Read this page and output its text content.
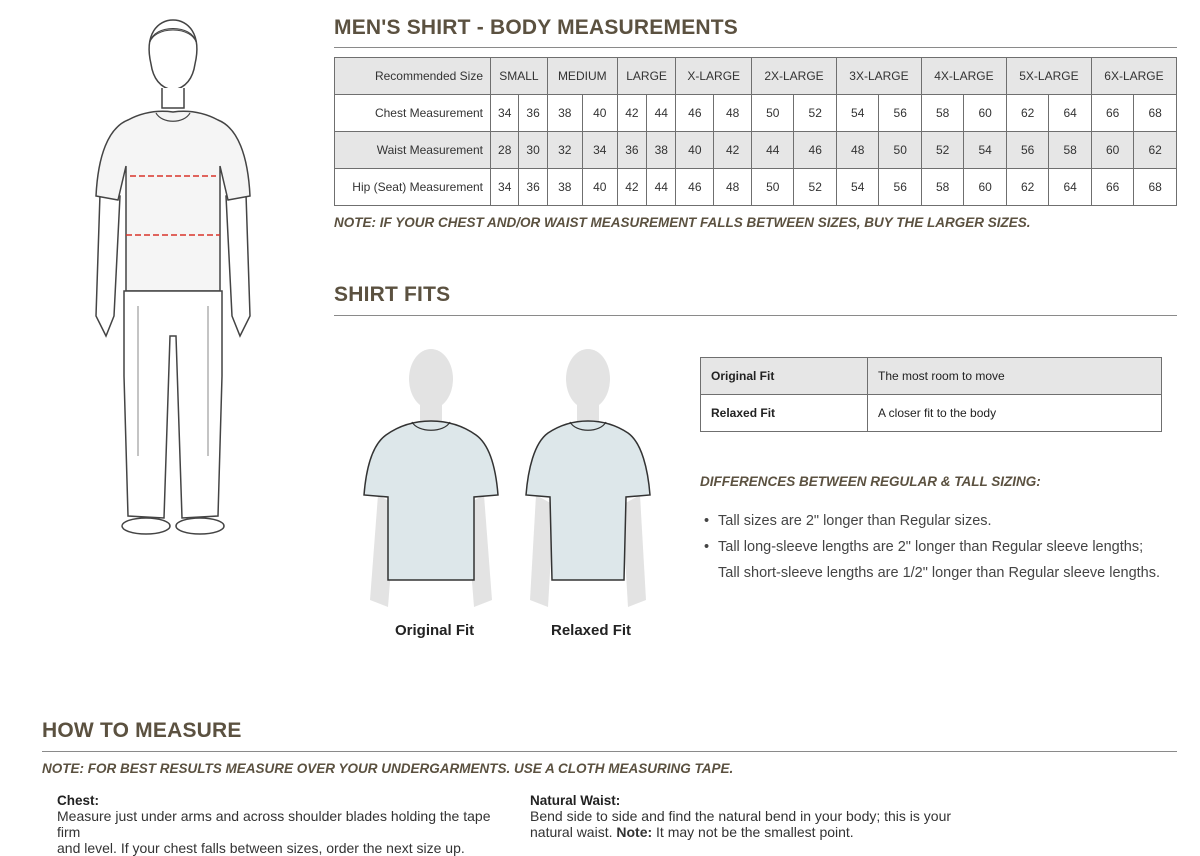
MEN'S SHIRT - BODY MEASUREMENTS
Recommended Size	SMALL		MEDIUM		LARGE		X-LARGE		2X-LARGE		3X-LARGE		4X-LARGE		5X-LARGE		6X-LARGE	
Chest Measurement	34	36	38	40	42	44	46	48	50	52	54	56	58	60	62	64	66	68
Waist Measurement	28	30	32	34	36	38	40	42	44	46	48	50	52	54	56	58	60	62
Hip (Seat) Measurement	34	36	38	40	42	44	46	48	50	52	54	56	58	60	62	64	66	68
NOTE: IF YOUR CHEST AND/OR WAIST MEASUREMENT FALLS BETWEEN SIZES, BUY THE LARGER SIZES.
SHIRT FITS
Original Fit	Relaxed Fit
Original Fit	The most room to move
Relaxed Fit	A closer fit to the body
DIFFERENCES BETWEEN REGULAR & TALL SIZING:
• Tall sizes are 2" longer than Regular sizes.
• Tall long-sleeve lengths are 2" longer than Regular sleeve lengths;
Tall short-sleeve lengths are 1/2" longer than Regular sleeve lengths.
HOW TO MEASURE
NOTE: FOR BEST RESULTS MEASURE OVER YOUR UNDERGARMENTS. USE A CLOTH MEASURING TAPE.
Chest:
Measure just under arms and across shoulder blades holding the tape firm
and level. If your chest falls between sizes, order the next size up.
Natural Waist:
Bend side to side and find the natural bend in your body; this is your
natural waist. Note: It may not be the smallest point.
